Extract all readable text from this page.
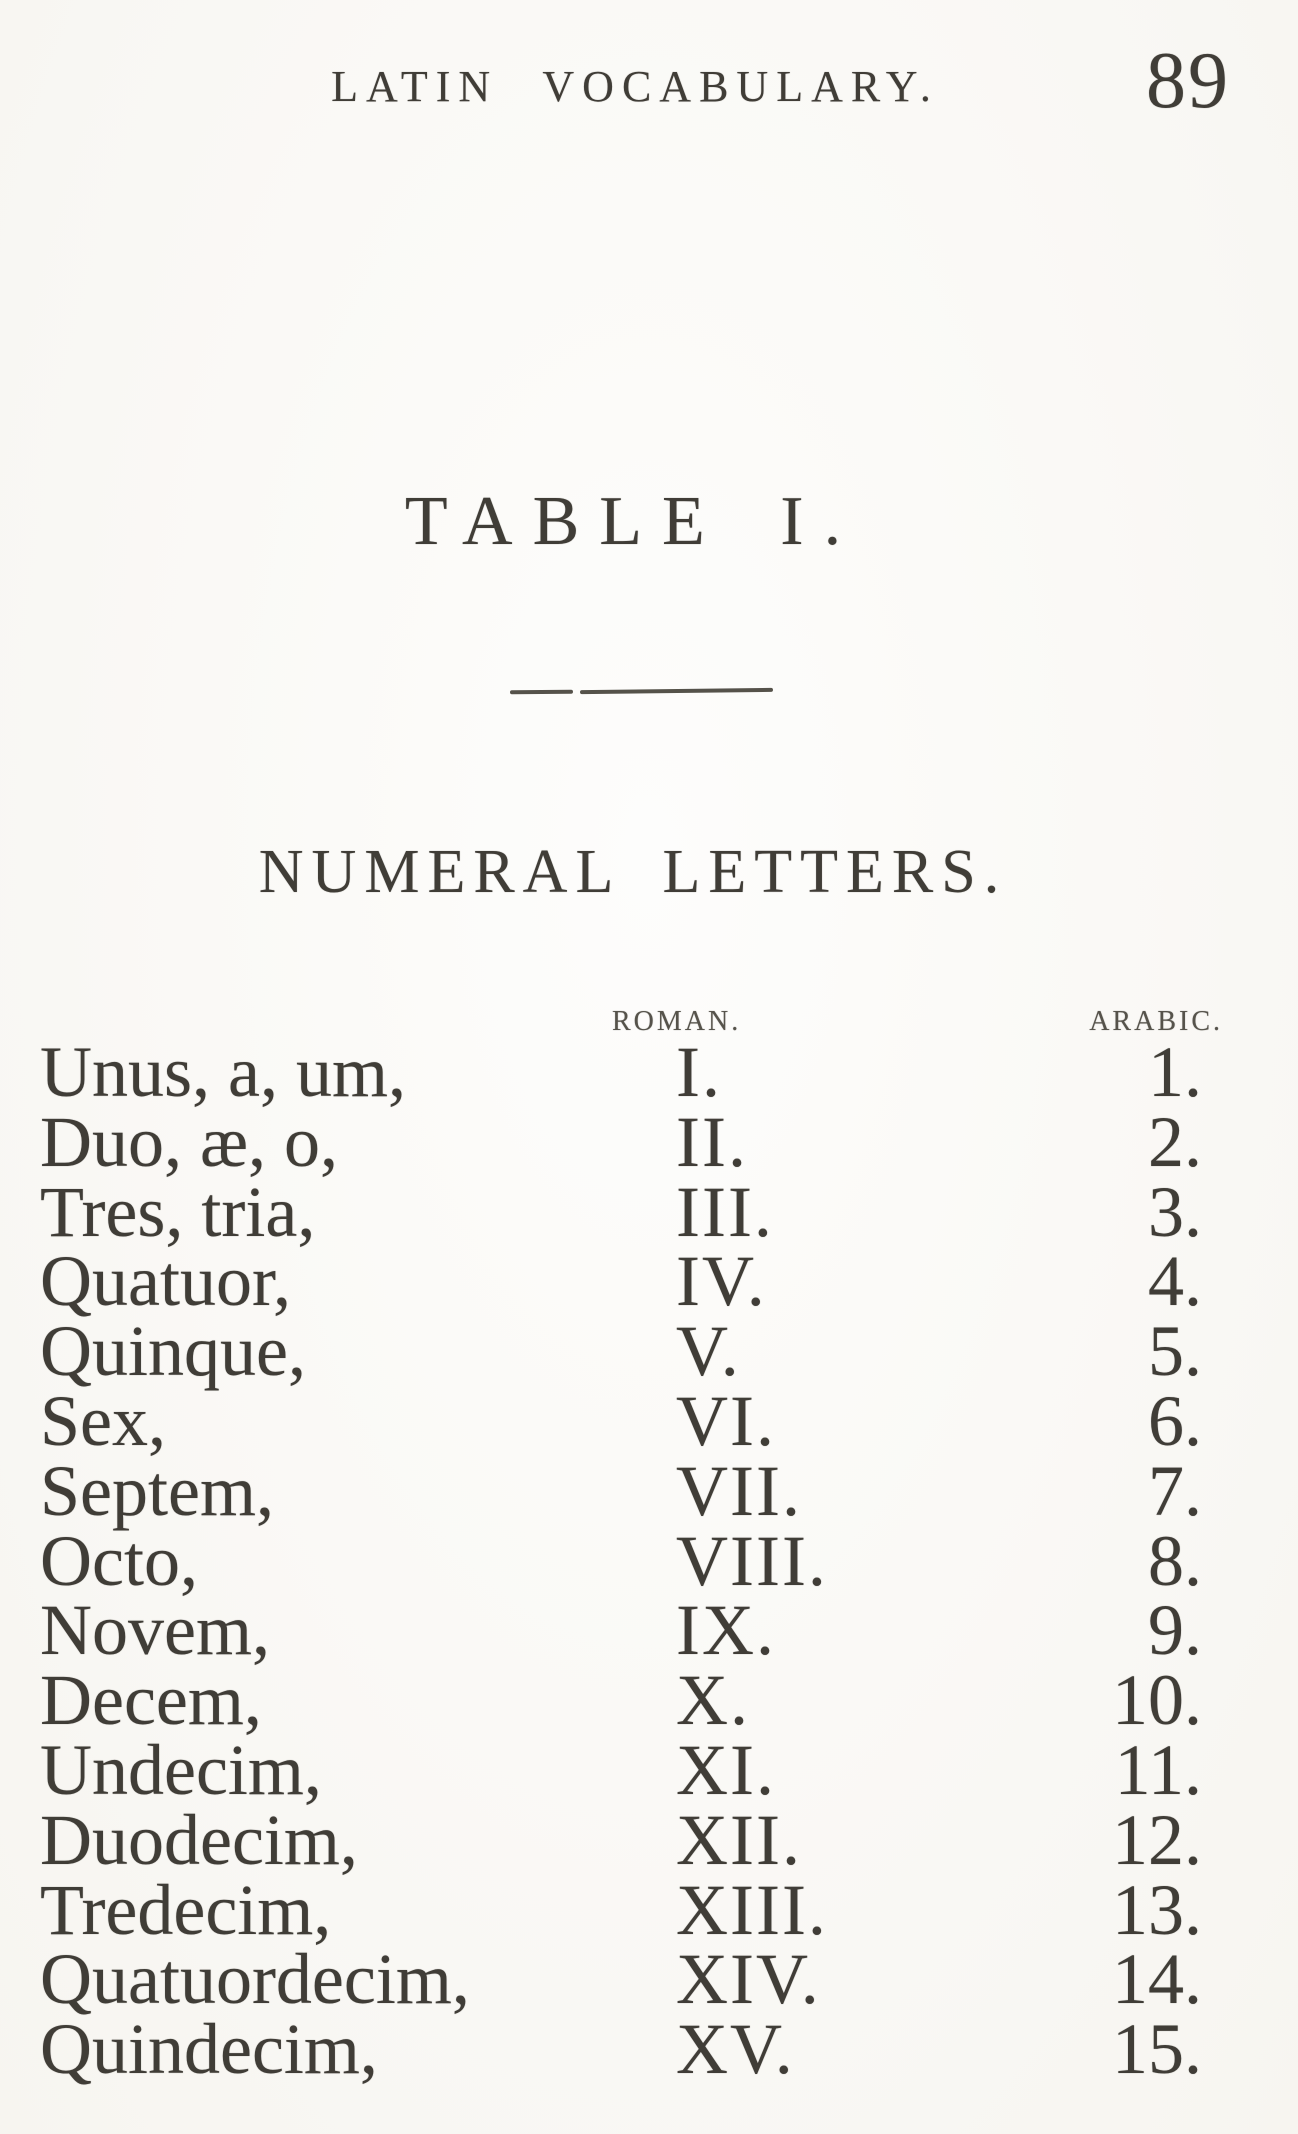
LATIN VOCABULARY.	89
TABLE I.
NUMERAL LETTERS.
ROMAN.	ARABIC.
Unus, a, um,	I.	1.
Duo, æ, o,	II.	2.
Tres, tria,	III.	3.
Quatuor,	IV.	4.
Quinque,	V.	5.
Sex,	VI.	6.
Septem,	VII.	7.
Octo,	VIII.	8.
Novem,	IX.	9.
Decem,	X.	10.
Undecim,	XI.	11.
Duodecim,	XII.	12.
Tredecim,	XIII.	13.
Quatuordecim,	XIV.	14.
Quindecim,	XV.	15.
